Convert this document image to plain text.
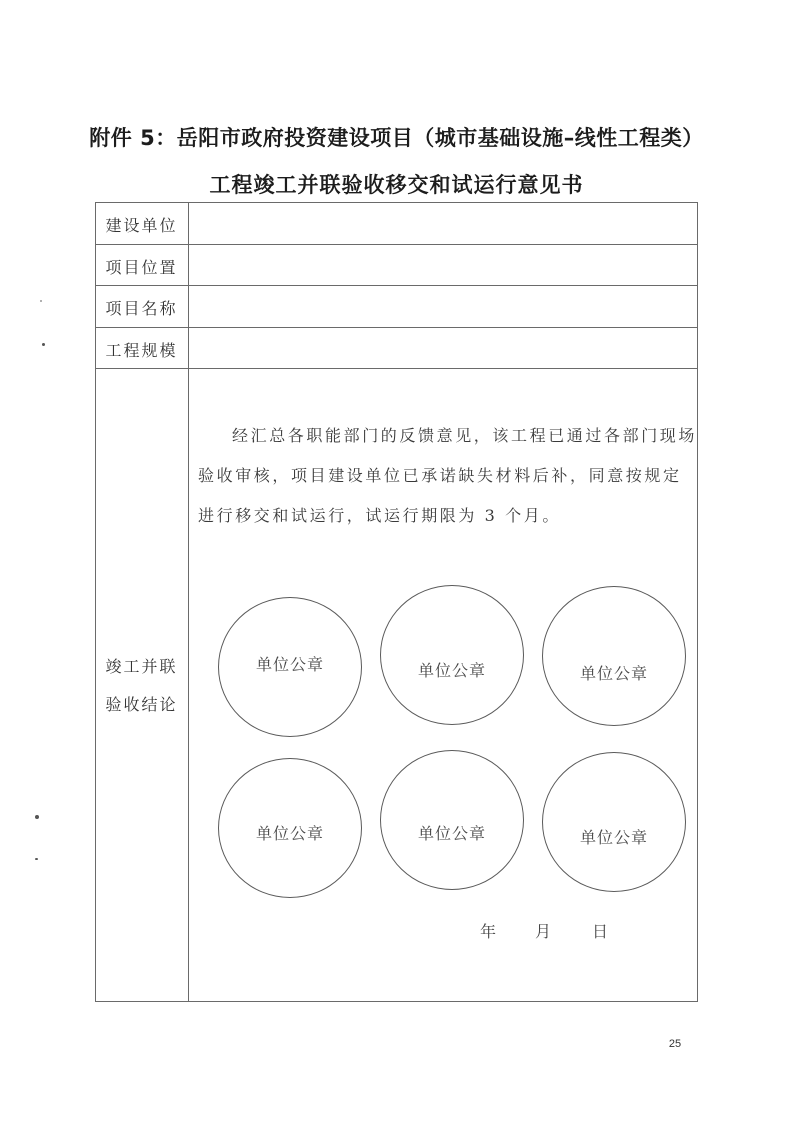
附件 5：岳阳市政府投资建设项目（城市基础设施–线性工程类）
工程竣工并联验收移交和试运行意见书
建设单位
项目位置
项目名称
工程规模
竣工并联
验收结论

经汇总各职能部门的反馈意见，该工程已通过各部门现场验收审核，项目建设单位已承诺缺失材料后补，同意按规定进行移交和试运行，试运行期限为 3 个月。

单位公章	单位公章	单位公章
单位公章	单位公章	单位公章
年 月	日
25
